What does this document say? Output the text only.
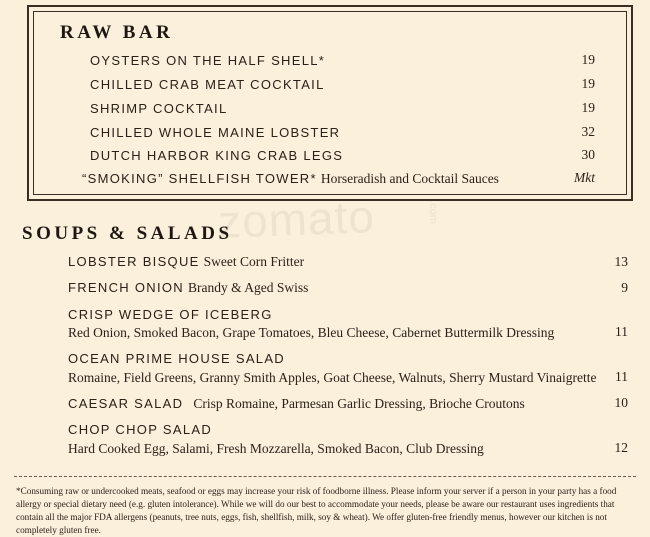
RAW BAR
OYSTERS ON THE HALF SHELL*	19
CHILLED CRAB MEAT COCKTAIL	19
SHRIMP COCKTAIL	19
CHILLED WHOLE MAINE LOBSTER	32
DUTCH HARBOR KING CRAB LEGS	30
“SMOKING” SHELLFISH TOWER* Horseradish and Cocktail Sauces	Mkt
zomato	.com
SOUPS & SALADS
LOBSTER BISQUE Sweet Corn Fritter	13
FRENCH ONION Brandy & Aged Swiss	9
CRISP WEDGE OF ICEBERG
Red Onion, Smoked Bacon, Grape Tomatoes, Bleu Cheese, Cabernet Buttermilk Dressing	11
OCEAN PRIME HOUSE SALAD
Romaine, Field Greens, Granny Smith Apples, Goat Cheese, Walnuts, Sherry Mustard Vinaigrette	11
CAESAR SALAD Crisp Romaine, Parmesan Garlic Dressing, Brioche Croutons	10
CHOP CHOP SALAD
Hard Cooked Egg, Salami, Fresh Mozzarella, Smoked Bacon, Club Dressing	12
*Consuming raw or undercooked meats, seafood or eggs may increase your risk of foodborne illness. Please inform your server if a person in your party has a food allergy or special dietary need (e.g. gluten intolerance). While we will do our best to accommodate your needs, please be aware our restaurant uses ingredients that contain all the major FDA allergens (peanuts, tree nuts, eggs, fish, shellfish, milk, soy & wheat). We offer gluten-free friendly menus, however our kitchen is not completely gluten free.
